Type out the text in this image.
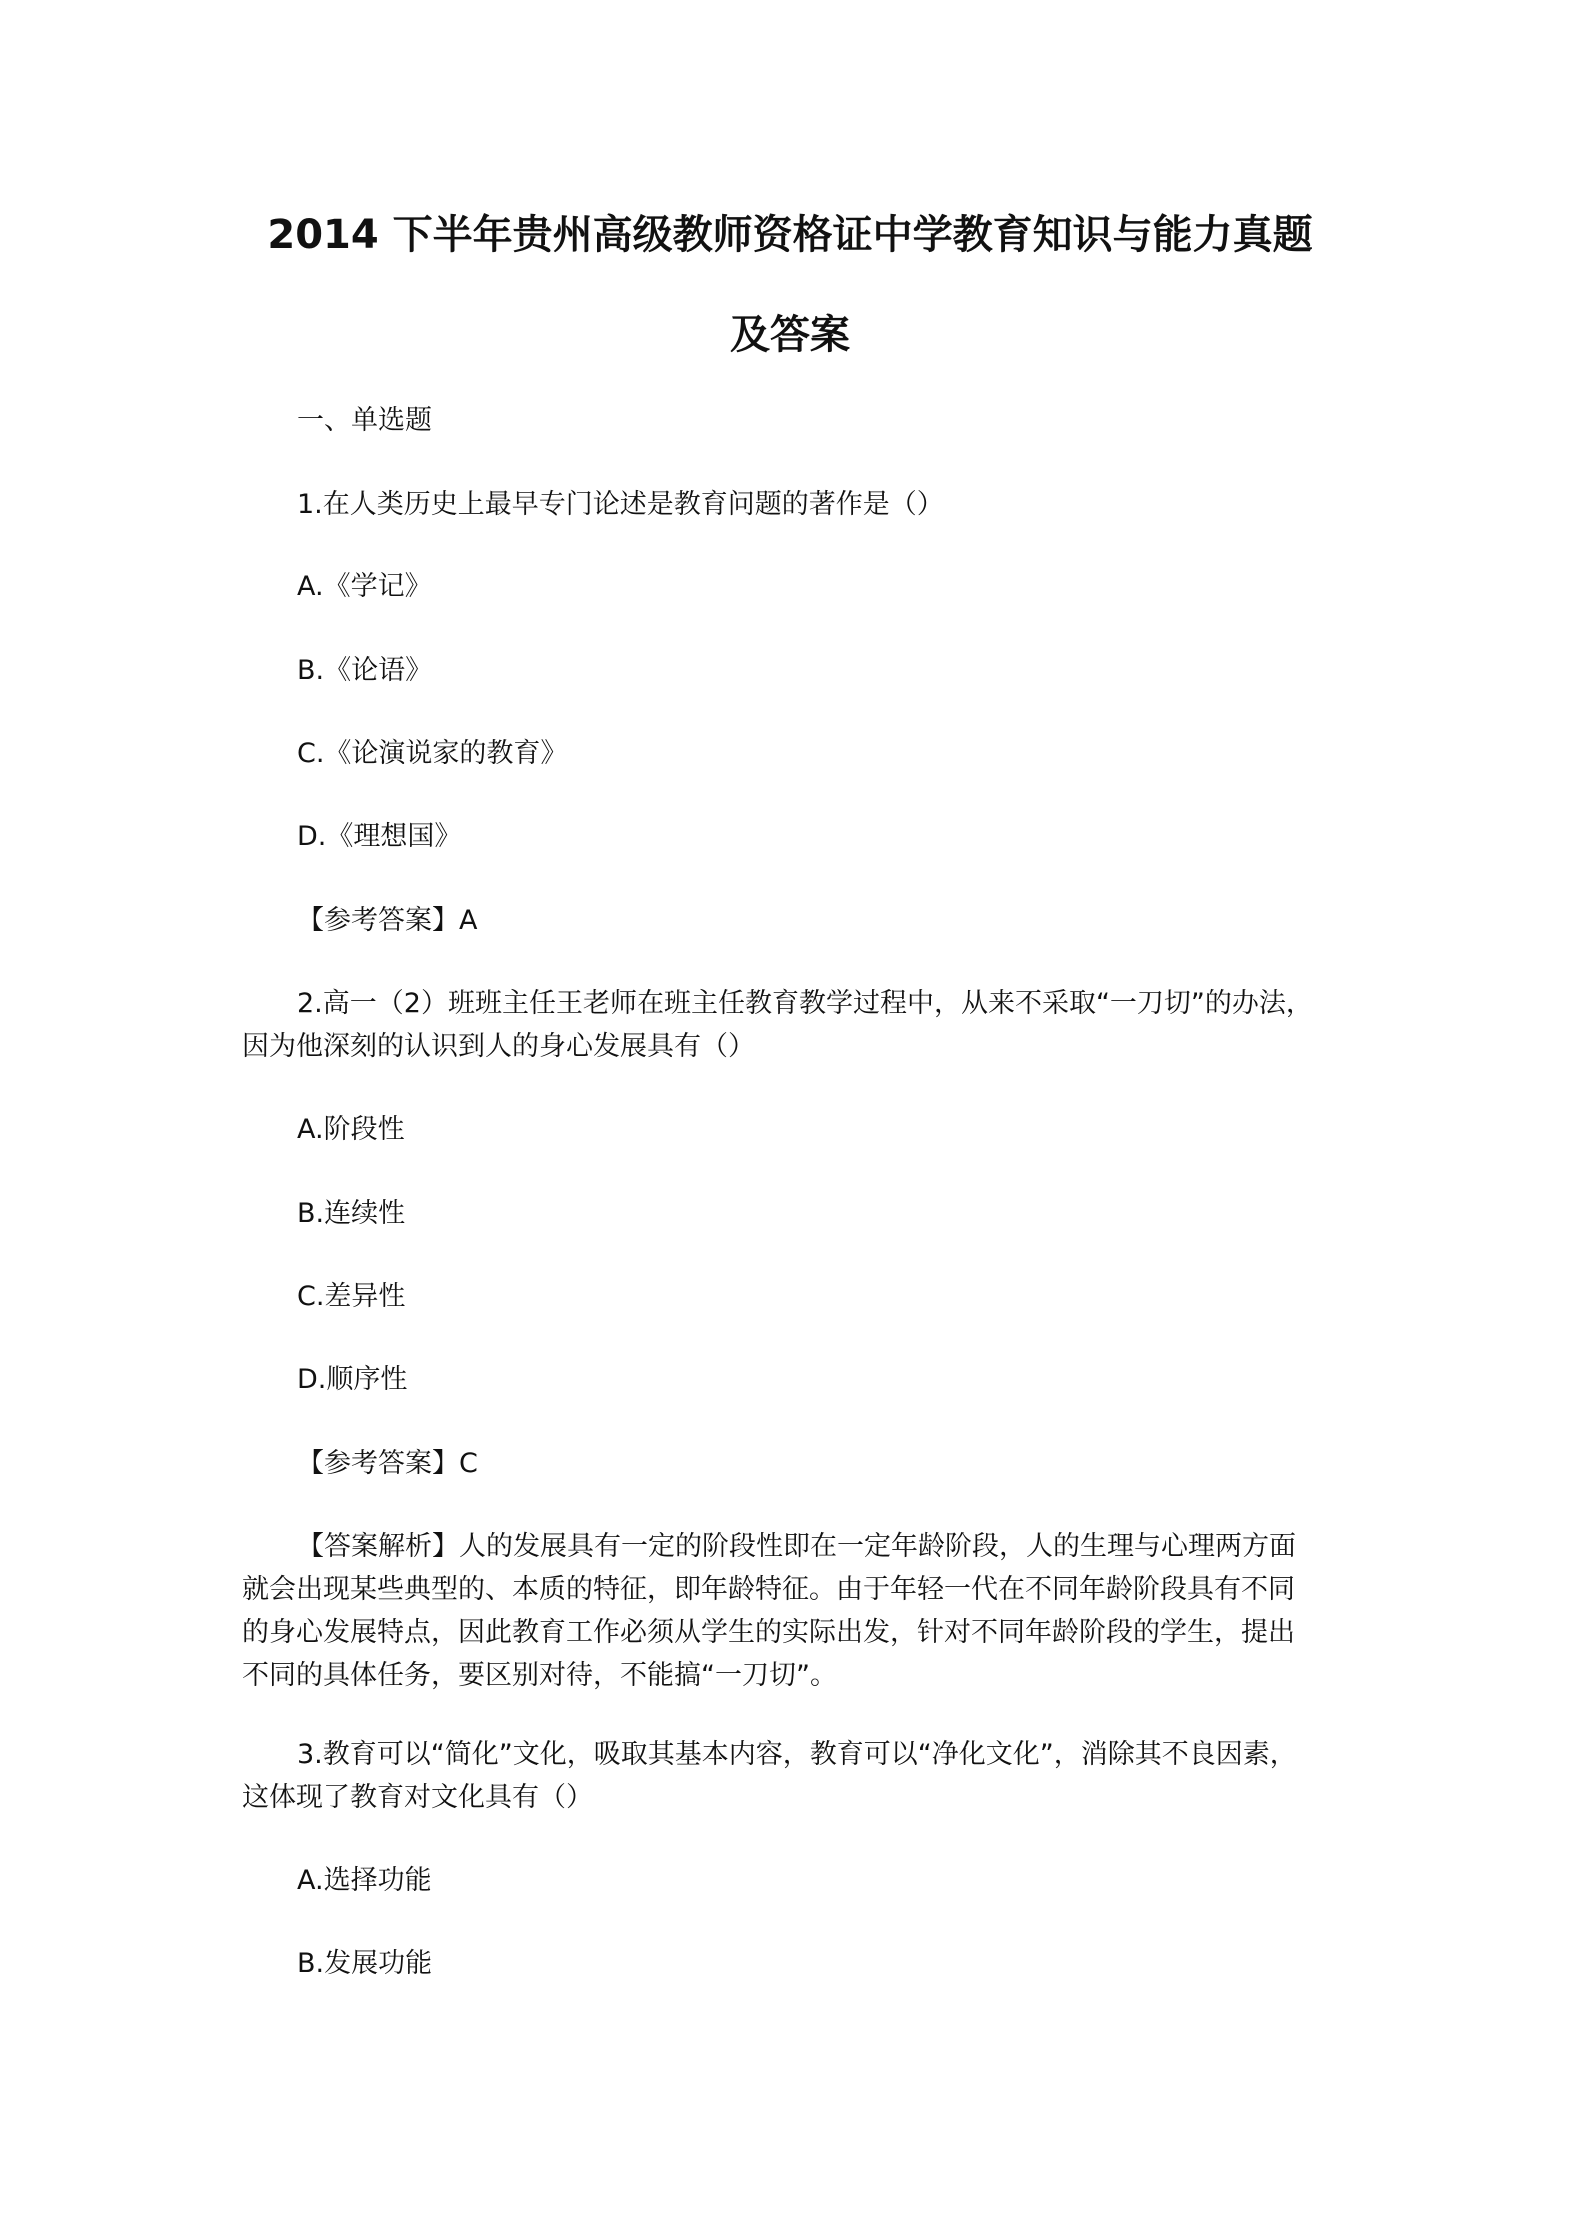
2014 下半年贵州高级教师资格证中学教育知识与能力真题
及答案
一、单选题
1.在人类历史上最早专门论述是教育问题的著作是（）
A.《学记》
B.《论语》
C.《论演说家的教育》
D.《理想国》
【参考答案】A
2.高一（2）班班主任王老师在班主任教育教学过程中，从来不采取“一刀切”的办法，
因为他深刻的认识到人的身心发展具有（）
A.阶段性
B.连续性
C.差异性
D.顺序性
【参考答案】C
【答案解析】人的发展具有一定的阶段性即在一定年龄阶段，人的生理与心理两方面
就会出现某些典型的、本质的特征，即年龄特征。由于年轻一代在不同年龄阶段具有不同
的身心发展特点，因此教育工作必须从学生的实际出发，针对不同年龄阶段的学生，提出
不同的具体任务，要区别对待，不能搞“一刀切”。
3.教育可以“简化”文化，吸取其基本内容，教育可以“净化文化”，消除其不良因素，
这体现了教育对文化具有（）
A.选择功能
B.发展功能
